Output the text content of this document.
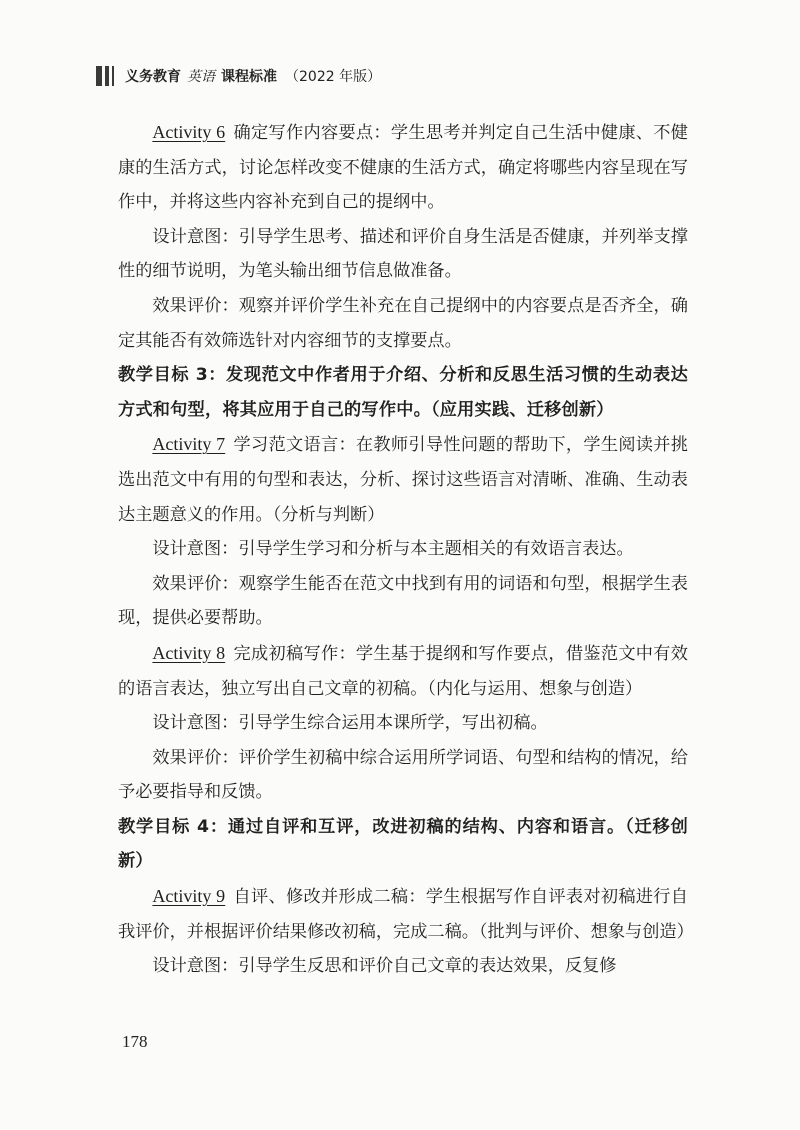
义务教育 英语 课程标准 （2022 年版）

Activity 6 确定写作内容要点：学生思考并判定自己生活中健康、不健康的生活方式，讨论怎样改变不健康的生活方式，确定将哪些内容呈现在写作中，并将这些内容补充到自己的提纲中。

设计意图：引导学生思考、描述和评价自身生活是否健康，并列举支撑性的细节说明，为笔头输出细节信息做准备。

效果评价：观察并评价学生补充在自己提纲中的内容要点是否齐全，确定其能否有效筛选针对内容细节的支撑要点。

教学目标 3：发现范文中作者用于介绍、分析和反思生活习惯的生动表达方式和句型，将其应用于自己的写作中。（应用实践、迁移创新）

Activity 7 学习范文语言：在教师引导性问题的帮助下，学生阅读并挑选出范文中有用的句型和表达，分析、探讨这些语言对清晰、准确、生动表达主题意义的作用。（分析与判断）

设计意图：引导学生学习和分析与本主题相关的有效语言表达。

效果评价：观察学生能否在范文中找到有用的词语和句型，根据学生表现，提供必要帮助。

Activity 8 完成初稿写作：学生基于提纲和写作要点，借鉴范文中有效的语言表达，独立写出自己文章的初稿。（内化与运用、想象与创造）

设计意图：引导学生综合运用本课所学，写出初稿。

效果评价：评价学生初稿中综合运用所学词语、句型和结构的情况，给予必要指导和反馈。

教学目标 4：通过自评和互评，改进初稿的结构、内容和语言。（迁移创新）

Activity 9 自评、修改并形成二稿：学生根据写作自评表对初稿进行自我评价，并根据评价结果修改初稿，完成二稿。（批判与评价、想象与创造）

设计意图：引导学生反思和评价自己文章的表达效果，反复修

178
